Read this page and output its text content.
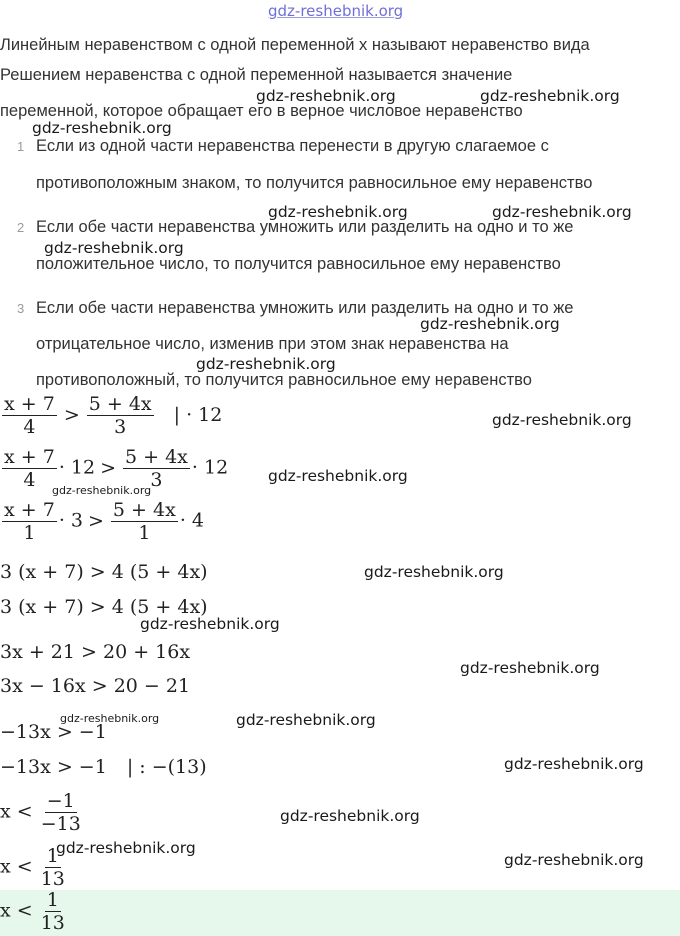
gdz-reshebnik.org
Линейным неравенством с одной переменной x называют неравенство вида
Решением неравенства с одной переменной называется значение
переменной, которое обращает его в верное числовое неравенство
1 Если из одной части неравенства перенести в другую слагаемое с
противоположным знаком, то получится равносильное ему неравенство
2 Если обе части неравенства умножить или разделить на одно и то же
положительное число, то получится равносильное ему неравенство
3 Если обе части неравенства умножить или разделить на одно и то же
отрицательное число, изменив при этом знак неравенства на
противоположный, то получится равносильное ему неравенство
$\frac{x + 7}{4} > \frac{5 + 4x}{3}$ | · 12
$\frac{x + 7}{4} \cdot 12 > \frac{5 + 4x}{3} \cdot 12$
$\frac{x + 7}{1} \cdot 3 > \frac{5 + 4x}{1} \cdot 4$
3 (x + 7) > 4 (5 + 4x)
3 (x + 7) > 4 (5 + 4x)
3x + 21 > 20 + 16x
3x − 16x > 20 − 21
−13x > −1
−13x > −1 | : −(13)
$x < \frac{-1}{-13}$
$x < \frac{1}{13}$
$x < \frac{1}{13}$
gdz-reshebnik.org	gdz-reshebnik.org
gdz-reshebnik.org
gdz-reshebnik.org	gdz-reshebnik.org
gdz-reshebnik.org
gdz-reshebnik.org
gdz-reshebnik.org
gdz-reshebnik.org
gdz-reshebnik.org
gdz-reshebnik.org
gdz-reshebnik.org
gdz-reshebnik.org
gdz-reshebnik.org
gdz-reshebnik.org	gdz-reshebnik.org
gdz-reshebnik.org
gdz-reshebnik.org
gdz-reshebnik.org
gdz-reshebnik.org
